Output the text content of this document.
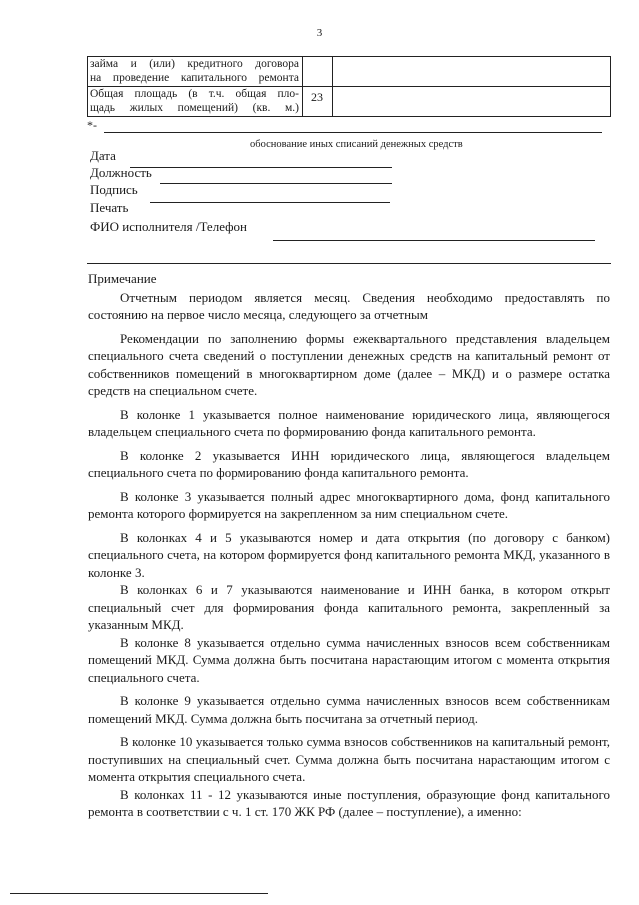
3
займа и (или) кредитного договора
на проведение капитального ремонта
Общая площадь (в т.ч. общая пло-
щадь жилых помещений) (кв. м.)
23
*-
обоснование иных списаний денежных средств
Дата
Должность
Подпись
Печать
ФИО исполнителя /Телефон

Примечание

Отчетным периодом является месяц. Сведения необходимо предоставлять по состоянию на первое число месяца, следующего за отчетным

Рекомендации по заполнению формы ежеквартального представления владельцем специального счета сведений о поступлении денежных средств на капитальный ремонт от собственников помещений в многоквартирном доме (далее – МКД) и о размере остатка средств на специальном счете.

В колонке 1 указывается полное наименование юридического лица, являющегося владельцем специального счета по формированию фонда капитального ремонта.

В колонке 2 указывается ИНН юридического лица, являющегося владельцем специального счета по формированию фонда капитального ремонта.

В колонке 3 указывается полный адрес многоквартирного дома, фонд капитального ремонта которого формируется на закрепленном за ним специальном счете.

В колонках 4 и 5 указываются номер и дата открытия (по договору с банком) специального счета, на котором формируется фонд капитального ремонта МКД, указанного в колонке 3.

В колонках 6 и 7 указываются наименование и ИНН банка, в котором открыт специальный счет для формирования фонда капитального ремонта, закрепленный за указанным МКД.

В колонке 8 указывается отдельно сумма начисленных взносов всем собственникам помещений МКД. Сумма должна быть посчитана нарастающим итогом с момента открытия специального счета.

В колонке 9 указывается отдельно сумма начисленных взносов всем собственникам помещений МКД. Сумма должна быть посчитана за отчетный период.

В колонке 10 указывается только сумма взносов собственников на капитальный ремонт, поступивших на специальный счет. Сумма должна быть посчитана нарастающим итогом с момента открытия специального счета.

В колонках 11 - 12 указываются иные поступления, образующие фонд капитального ремонта в соответствии с ч. 1 ст. 170 ЖК РФ (далее – поступление), а именно:
